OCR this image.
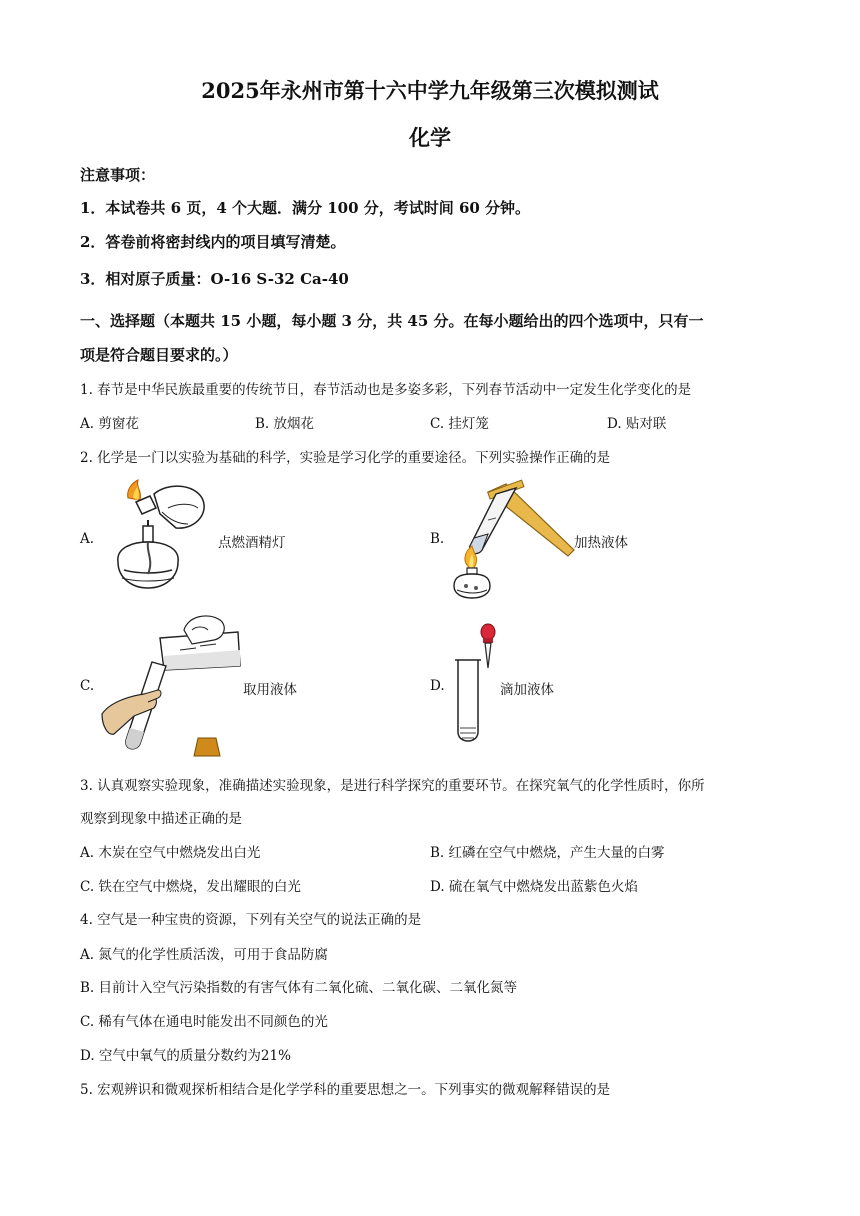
2025年永州市第十六中学九年级第三次模拟测试
化学
注意事项：
1．本试卷共 6 页，4 个大题．满分 100 分，考试时间 60 分钟。
2．答卷前将密封线内的项目填写清楚。
3．相对原子质量：O-16 S-32 Ca-40
一、选择题（本题共 15 小题，每小题 3 分，共 45 分。在每小题给出的四个选项中，只有一
项是符合题目要求的。）
1. 春节是中华民族最重要的传统节日，春节活动也是多姿多彩，下列春节活动中一定发生化学变化的是
A. 剪窗花	B. 放烟花	C. 挂灯笼	D. 贴对联
2. 化学是一门以实验为基础的科学，实验是学习化学的重要途径。下列实验操作正确的是
A.	点燃酒精灯	B.	加热液体
C.	取用液体	D.	滴加液体
3. 认真观察实验现象，准确描述实验现象，是进行科学探究的重要环节。在探究氧气的化学性质时，你所
观察到现象中描述正确的是
A. 木炭在空气中燃烧发出白光	B. 红磷在空气中燃烧，产生大量的白雾
C. 铁在空气中燃烧，发出耀眼的白光	D. 硫在氧气中燃烧发出蓝紫色火焰
4. 空气是一种宝贵的资源，下列有关空气的说法正确的是
A. 氮气的化学性质活泼，可用于食品防腐
B. 目前计入空气污染指数的有害气体有二氧化硫、二氧化碳、二氧化氮等
C. 稀有气体在通电时能发出不同颜色的光
D. 空气中氧气的质量分数约为21%
5. 宏观辨识和微观探析相结合是化学学科的重要思想之一。下列事实的微观解释错误的是
